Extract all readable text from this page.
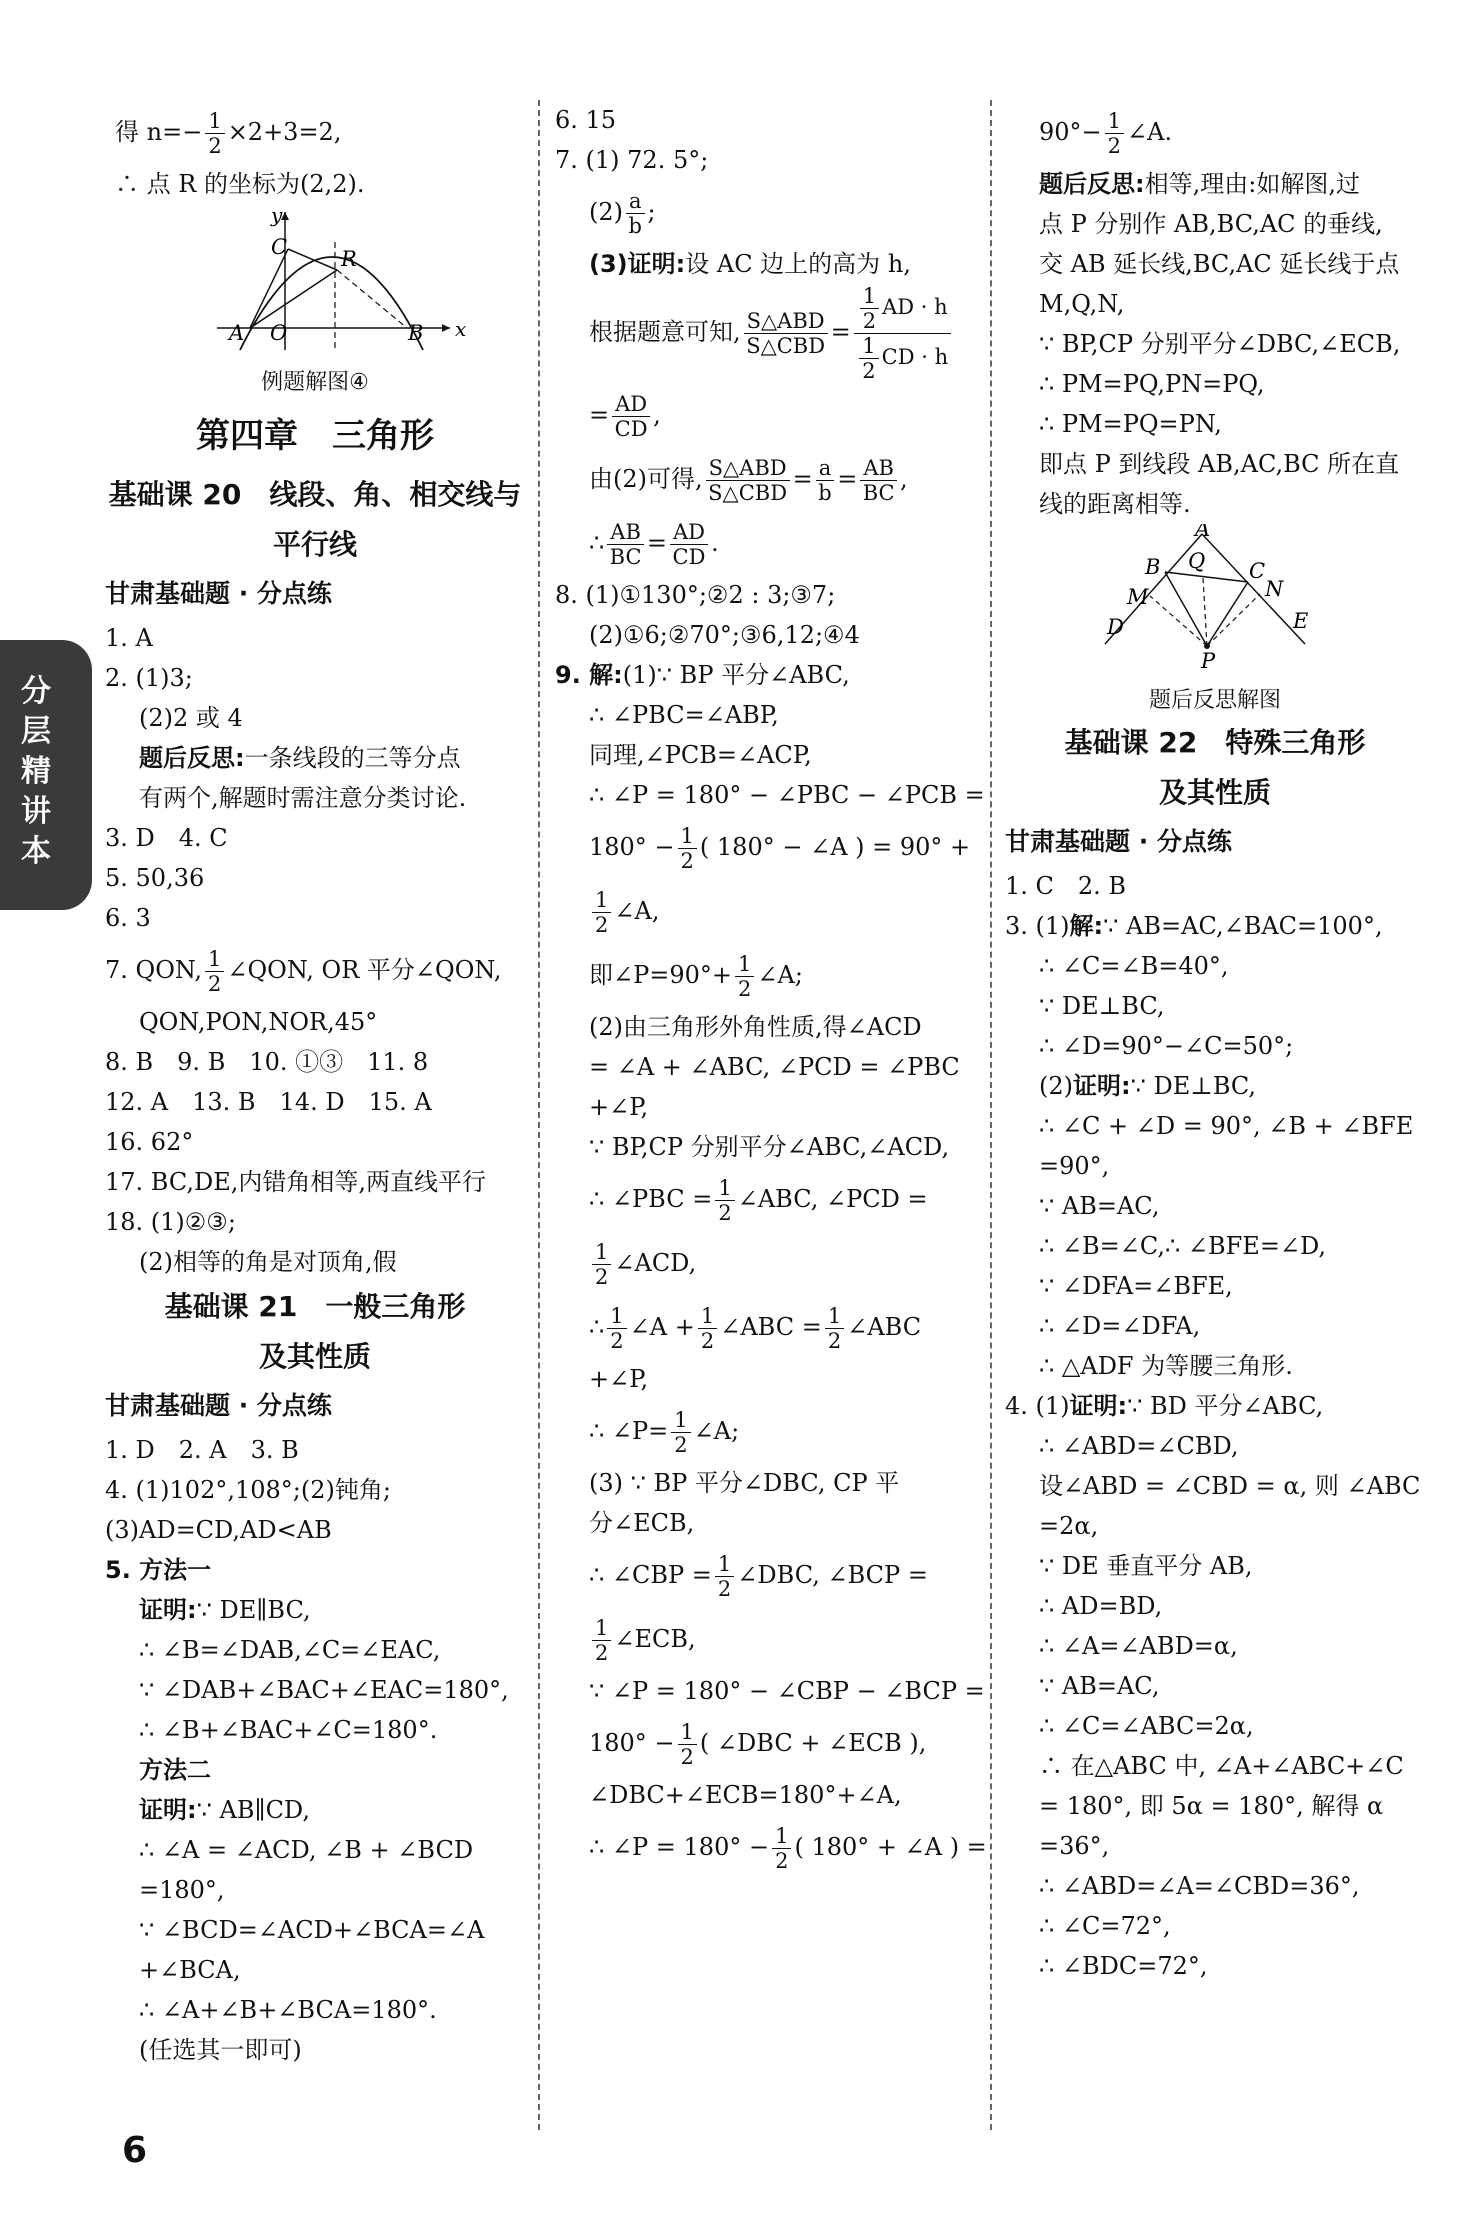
分层精讲本
得 $n=- \frac{1}{2} \times 2+3=2$,
∴ 点 R 的坐标为(2,2).
y
x
C	R
A O	B
例题解图④
第四章　三角形
基础课 20　线段、角、相交线与
平行线
甘肃基础题 · 分点练
1. A
2. (1)3;
(2)2 或 4
题后反思:一条线段的三等分点
有两个,解题时需注意分类讨论.
3. D　4. C
5. 50,36
6. 3
7. QON, $\frac{1}{2}$ ∠QON, OR 平分∠QON,
QON,PON,NOR,45°
8. B　9. B　10. ①③　11. 8
12. A　13. B　14. D　15. A
16. 62°
17. BC,DE,内错角相等,两直线平行
18. (1)②③;
(2)相等的角是对顶角,假
基础课 21　一般三角形
及其性质
甘肃基础题 · 分点练
1. D　2. A　3. B
4. (1)102°,108°;(2)钝角;
(3)AD=CD,AD<AB
5. 方法一
证明:∵ DE∥BC,
∴ ∠B=∠DAB,∠C=∠EAC,
∵ ∠DAB+∠BAC+∠EAC=180°,
∴ ∠B+∠BAC+∠C=180°.
方法二
证明:∵ AB∥CD,
∴ ∠A = ∠ACD, ∠B + ∠BCD
=180°,
∵ ∠BCD=∠ACD+∠BCA=∠A
+∠BCA,
∴ ∠A+∠B+∠BCA=180°.
(任选其一即可)
6. 15
7. (1) 72. 5°;
$(2) \frac{a}{b}$ ;
(3)证明:设 AC 边上的高为 h,
根据题意可知, $\frac{\text{S△ABD}}{\text{S△CBD}} = \frac{\frac{1}{2} AD \cdot h}{\frac{1}{2} CD \cdot h}$
= $\frac{AD}{CD}$ ,
由(2)可得, $\frac{\text{S△ABD}}{\text{S△CBD}} = \frac{a}{b} = \frac{AB}{BC}$ ,
∴ $\frac{AB}{BC} = \frac{AD}{CD}$ .
8. (1)①130°;②2 : 3;③7;
(2)①6;②70°;③6,12;④4
9. 解:(1)∵ BP 平分∠ABC,
∴ ∠PBC=∠ABP,
同理,∠PCB=∠ACP,
∴ ∠P = 180° − ∠PBC − ∠PCB =
$180^\circ - \frac{1}{2}$ ( 180° − ∠A ) = 90° +
$\frac{1}{2}$ ∠A,
即∠P=90°+ $\frac{1}{2}$ ∠A;
(2)由三角形外角性质,得∠ACD
= ∠A + ∠ABC, ∠PCD = ∠PBC
+∠P,
∵ BP,CP 分别平分∠ABC,∠ACD,
∴ ∠PBC = $\frac{1}{2}$ ∠ABC, ∠PCD =
$\frac{1}{2}$ ∠ACD,
∴ $\frac{1}{2}$ ∠A + $\frac{1}{2}$ ∠ABC = $\frac{1}{2}$ ∠ABC
+∠P,
∴ ∠P= $\frac{1}{2}$ ∠A;
(3) ∵ BP 平分∠DBC, CP 平
分∠ECB,
∴ ∠CBP = $\frac{1}{2}$ ∠DBC, ∠BCP =
$\frac{1}{2}$ ∠ECB,
∵ ∠P = 180° − ∠CBP − ∠BCP =
$180^\circ - \frac{1}{2}$ ( ∠DBC + ∠ECB ),
∠DBC+∠ECB=180°+∠A,
∴ ∠P = $180^\circ - \frac{1}{2}$ ( 180° + ∠A ) =
$90^\circ- \frac{1}{2}$ ∠A.
题后反思:相等,理由:如解图,过
点 P 分别作 AB,BC,AC 的垂线,
交 AB 延长线,BC,AC 延长线于点
M,Q,N,
∵ BP,CP 分别平分∠DBC,∠ECB,
∴ PM=PQ,PN=PQ,
∴ PM=PQ=PN,
即点 P 到线段 AB,AC,BC 所在直
线的距离相等.
A
B Q C
N
M
D	E
P
题后反思解图
基础课 22　特殊三角形
及其性质
甘肃基础题 · 分点练
1. C　2. B
3. (1)解:∵ AB=AC,∠BAC=100°,
∴ ∠C=∠B=40°,
∵ DE⊥BC,
∴ ∠D=90°−∠C=50°;
(2)证明:∵ DE⊥BC,
∴ ∠C + ∠D = 90°, ∠B + ∠BFE
=90°,
∵ AB=AC,
∴ ∠B=∠C,∴ ∠BFE=∠D,
∵ ∠DFA=∠BFE,
∴ ∠D=∠DFA,
∴ △ADF 为等腰三角形.
4. (1)证明:∵ BD 平分∠ABC,
∴ ∠ABD=∠CBD,
设∠ABD = ∠CBD = α, 则 ∠ABC
=2α,
∵ DE 垂直平分 AB,
∴ AD=BD,
∴ ∠A=∠ABD=α,
∵ AB=AC,
∴ ∠C=∠ABC=2α,
∴ 在△ABC 中, ∠A+∠ABC+∠C
= 180°, 即 5α = 180°, 解得 α
=36°,
∴ ∠ABD=∠A=∠CBD=36°,
∴ ∠C=72°,
∴ ∠BDC=72°,
6
